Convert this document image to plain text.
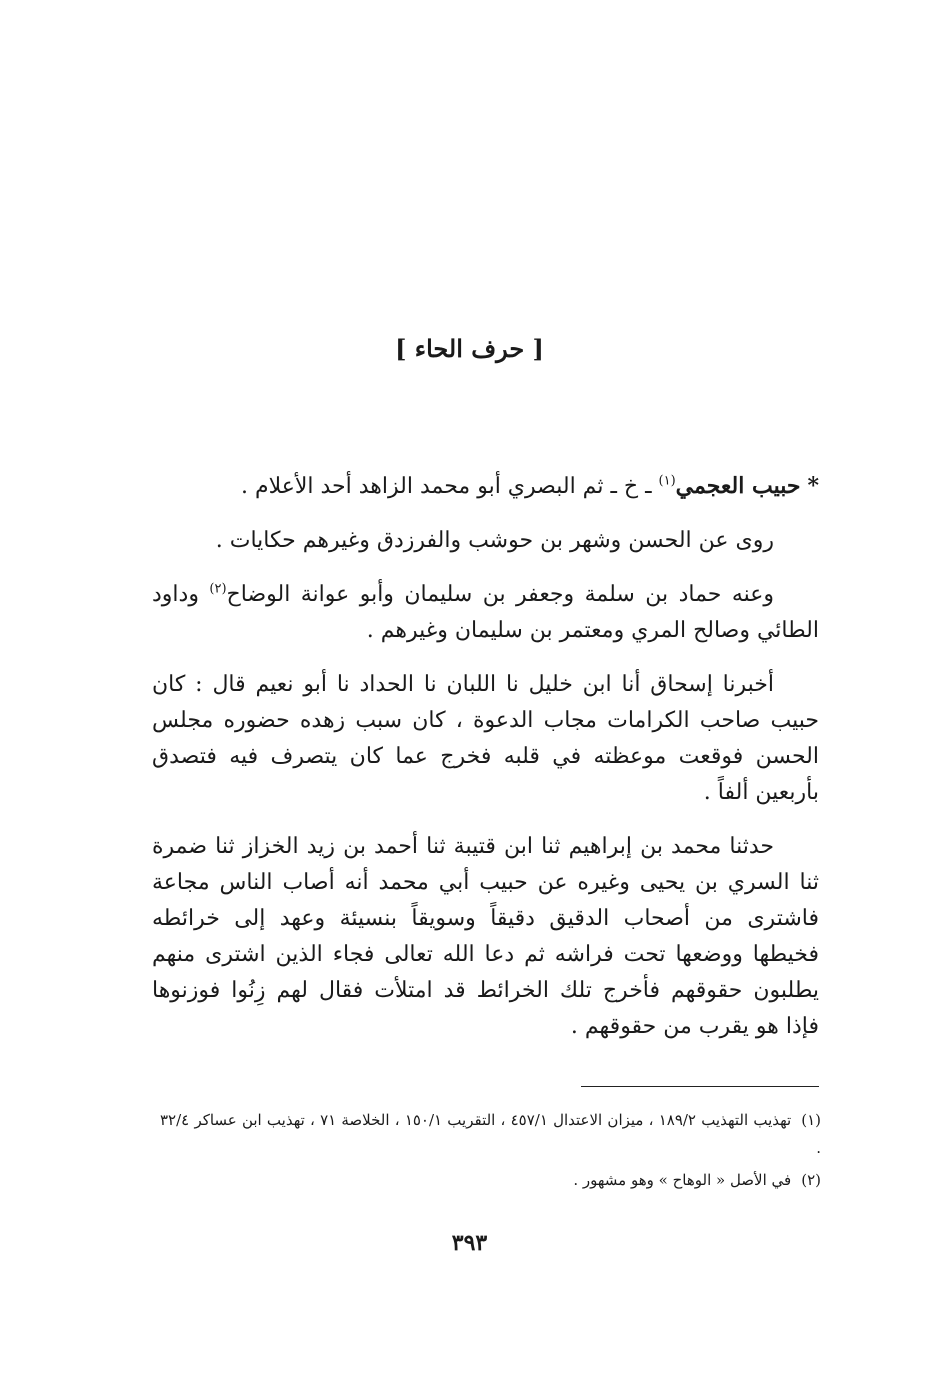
[ حرف الحاء ]

* حبيب العجمي$^{(١)}$ ـ خ ـ ثم البصري أبو محمد الزاهد أحد الأعلام .

روى عن الحسن وشهر بن حوشب والفرزدق وغيرهم حكايات .

وعنه حماد بن سلمة وجعفر بن سليمان وأبو عوانة الوضاح$^{(٢)}$ وداود الطائي وصالح المري ومعتمر بن سليمان وغيرهم .

أخبرنا إسحاق أنا ابن خليل نا اللبان نا الحداد نا أبو نعيم قال : كان حبيب صاحب الكرامات مجاب الدعوة ، كان سبب زهده حضوره مجلس الحسن فوقعت موعظته في قلبه فخرج عما كان يتصرف فيه فتصدق بأربعين ألفاً .

حدثنا محمد بن إبراهيم ثنا ابن قتيبة ثنا أحمد بن زيد الخزاز ثنا ضمرة ثنا السري بن يحيى وغيره عن حبيب أبي محمد أنه أصاب الناس مجاعة فاشترى من أصحاب الدقيق دقيقاً وسويقاً بنسيئة وعهد إلى خرائطه فخيطها ووضعها تحت فراشه ثم دعا الله تعالى فجاء الذين اشترى منهم يطلبون حقوقهم فأخرج تلك الخرائط قد امتلأت فقال لهم زِنُوا فوزنوها فإذا هو يقرب من حقوقهم .

(١)تهذيب التهذيب ١٨٩/٢ ، ميزان الاعتدال ٤٥٧/١ ، التقريب ١٥٠/١ ، الخلاصة ٧١ ، تهذيب ابن عساكر ٣٢/٤ .

(٢)في الأصل « الوهاح » وهو مشهور .

٣٩٣
